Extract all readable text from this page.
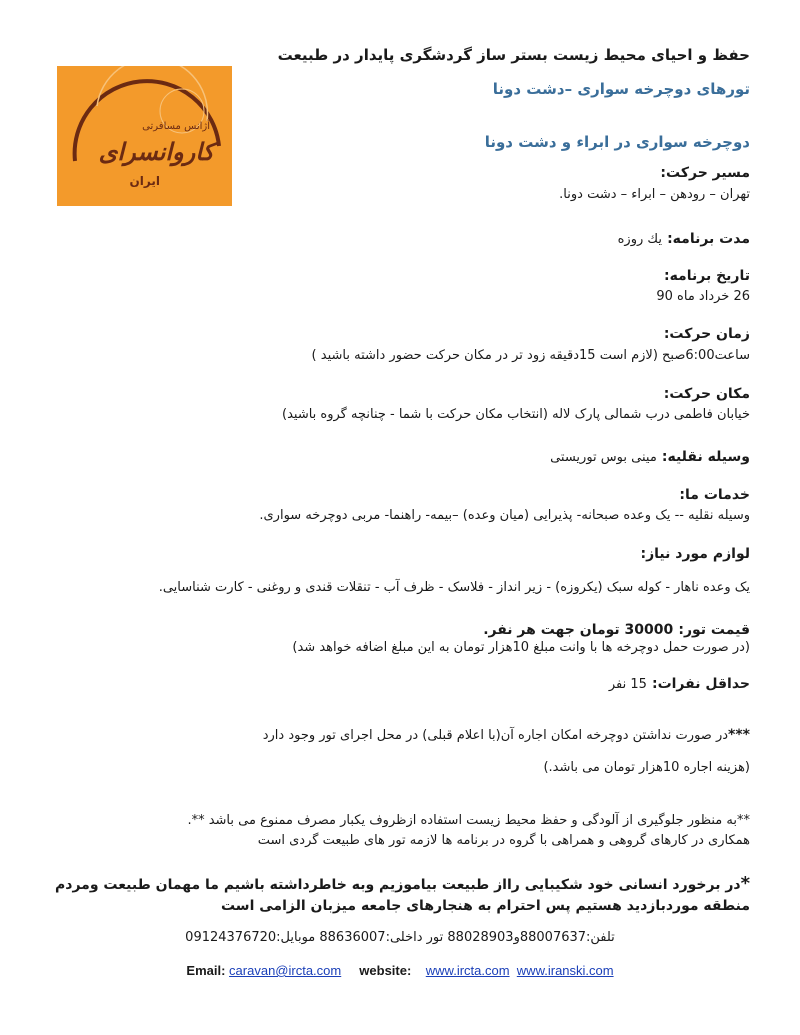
آژانس مسافرتی
کاروانسرای
ایران
حفظ و احیای محیط زیست بستر ساز گردشگری پایدار در طبیعت
تورهای دوچرخه سواری –دشت دونا
دوچرخه سواری در ابراء و دشت دونا
مسیر حرکت:
تهران – رودهن – ابراء – دشت دونا.
مدت برنامه: یك روزه
تاریخ برنامه:
26 خرداد ماه 90
زمان حرکت:
ساعت6:00صبح (لازم است 15دقیقه زود تر در مکان حرکت حضور داشته باشید )
مکان حرکت:
خیابان فاطمی درب شمالی پارک لاله (انتخاب مکان حرکت با شما - چنانچه گروه باشید)
وسیله نقلیه: مینی بوس توریستی
خدمات ما:
وسیله نقلیه -- یک وعده صبحانه- پذیرایی (میان وعده) –بیمه- راهنما- مربی دوچرخه سواری.
لوازم مورد نیاز:
یک وعده ناهار - کوله سبک (یکروزه) - زیر انداز - فلاسک - ظرف آب - تنقلات قندی و روغنی - کارت شناسایی.
قیمت تور: 30000 تومان جهت هر نفر.
(در صورت حمل دوچرخه ها با وانت مبلغ 10هزار تومان به این مبلغ اضافه خواهد شد)
حداقل نفرات: 15 نفر
***در صورت نداشتن دوچرخه امکان اجاره آن(با اعلام قبلی) در محل اجرای تور وجود دارد
(هزینه اجاره 10هزار تومان می باشد.)
**به منظور جلوگیری از آلودگی و حفظ محیط زیست استفاده ازظروف یکبار مصرف ممنوع می باشد **.
همکاری در کارهای گروهی و همراهی با گروه در برنامه ها لازمه تور های طبیعت گردی است
*در برخورد انسانی خود شکیبایی رااز طبیعت بیاموزیم وبه خاطرداشته باشیم ما مهمان طبیعت ومردم
منطقه موردبازدید هستیم پس احترام به هنجارهای جامعه میزبان الزامی است
تلفن:88007637و88028903 تور داخلی:88636007 موبایل:09124376720
Email: caravan@ircta.com website: www.ircta.com www.iranski.com
